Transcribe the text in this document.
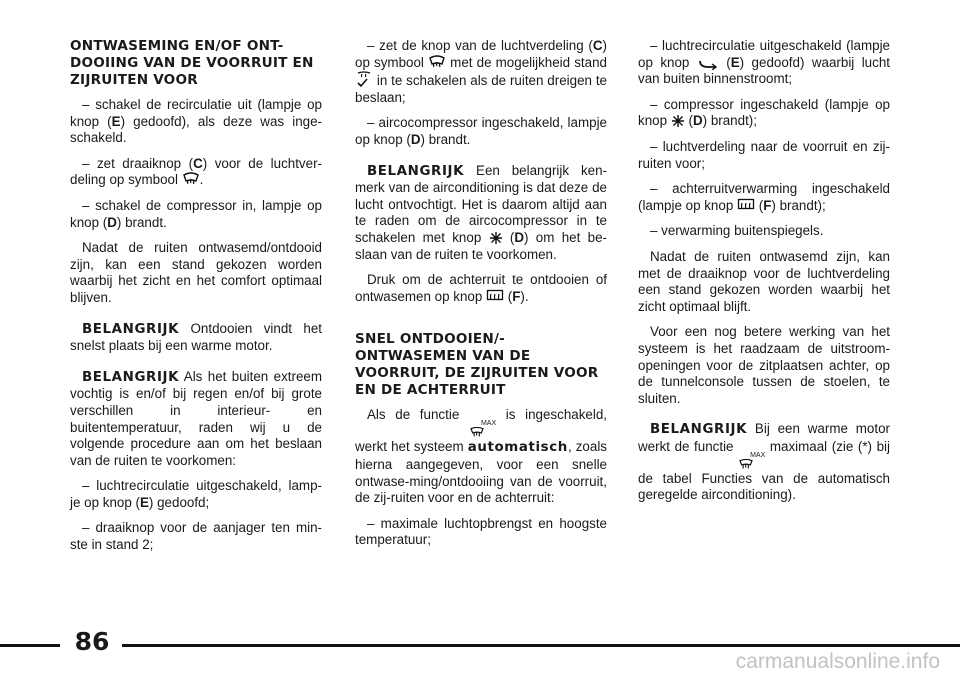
ONTWASEMING EN/OF ONT-DOOIING VAN DE VOORRUIT EN ZIJRUITEN VOOR

– schakel de recirculatie uit (lampje op knop (E) gedoofd), als deze was inge-schakeld.

– zet draaiknop (C) voor de luchtver-deling op symbool .

– schakel de compressor in, lampje op knop (D) brandt.

Nadat de ruiten ontwasemd/ontdooid zijn, kan een stand gekozen worden waarbij het zicht en het comfort optimaal blijven.

BELANGRIJK Ontdooien vindt het snelst plaats bij een warme motor.

BELANGRIJK Als het buiten extreem vochtig is en/of bij regen en/of bij grote verschillen in interieur- en buitentemperatuur, raden wij u de volgende procedure aan om het beslaan van de ruiten te voorkomen:

– luchtrecirculatie uitgeschakeld, lamp-je op knop (E) gedoofd;

– draaiknop voor de aanjager ten min-ste in stand 2;

– zet de knop van de luchtverdeling (C) op symbool met de mogelijkheid stand
in te schakelen als de ruiten dreigen te beslaan;

– aircocompressor ingeschakeld, lampje op knop (D) brandt.

BELANGRIJK Een belangrijk ken-merk van de airconditioning is dat deze de lucht ontvochtigt. Het is daarom altijd aan te raden om de aircocompressor in te schakelen met knop
(D) om het be-slaan van de ruiten te voorkomen.

Druk om de achterruit te ontdooien of ontwasemen op knop
(F).

SNEL ONTDOOIEN/-ONTWASEMEN VAN DE VOORRUIT, DE ZIJRUITEN VOOR EN DE ACHTERRUIT

Als de functie
MAX
is ingeschakeld, werkt het systeem automatisch, zoals hierna aangegeven, voor een snelle ontwase-ming/ontdooiing van de voorruit, de zij-ruiten voor en de achterruit:

– maximale luchtopbrengst en hoogste temperatuur;

– luchtrecirculatie uitgeschakeld (lampje op knop
(E) gedoofd) waarbij lucht van buiten binnenstroomt;

– compressor ingeschakeld (lampje op knop
(D) brandt);

– luchtverdeling naar de voorruit en zij-ruiten voor;

– achterruitverwarming ingeschakeld (lampje op knop
(F) brandt);

– verwarming buitenspiegels.

Nadat de ruiten ontwasemd zijn, kan met de draaiknop voor de luchtverdeling een stand gekozen worden waarbij het zicht optimaal blijft.

Voor een nog betere werking van het systeem is het raadzaam de uitstroom-openingen voor de zitplaatsen achter, op de tunnelconsole tussen de stoelen, te sluiten.

BELANGRIJK Bij een warme motor werkt de functie
MAX
maximaal (zie (*) bij de tabel Functies van de automatisch geregelde airconditioning).

86
carmanualsonline.info
